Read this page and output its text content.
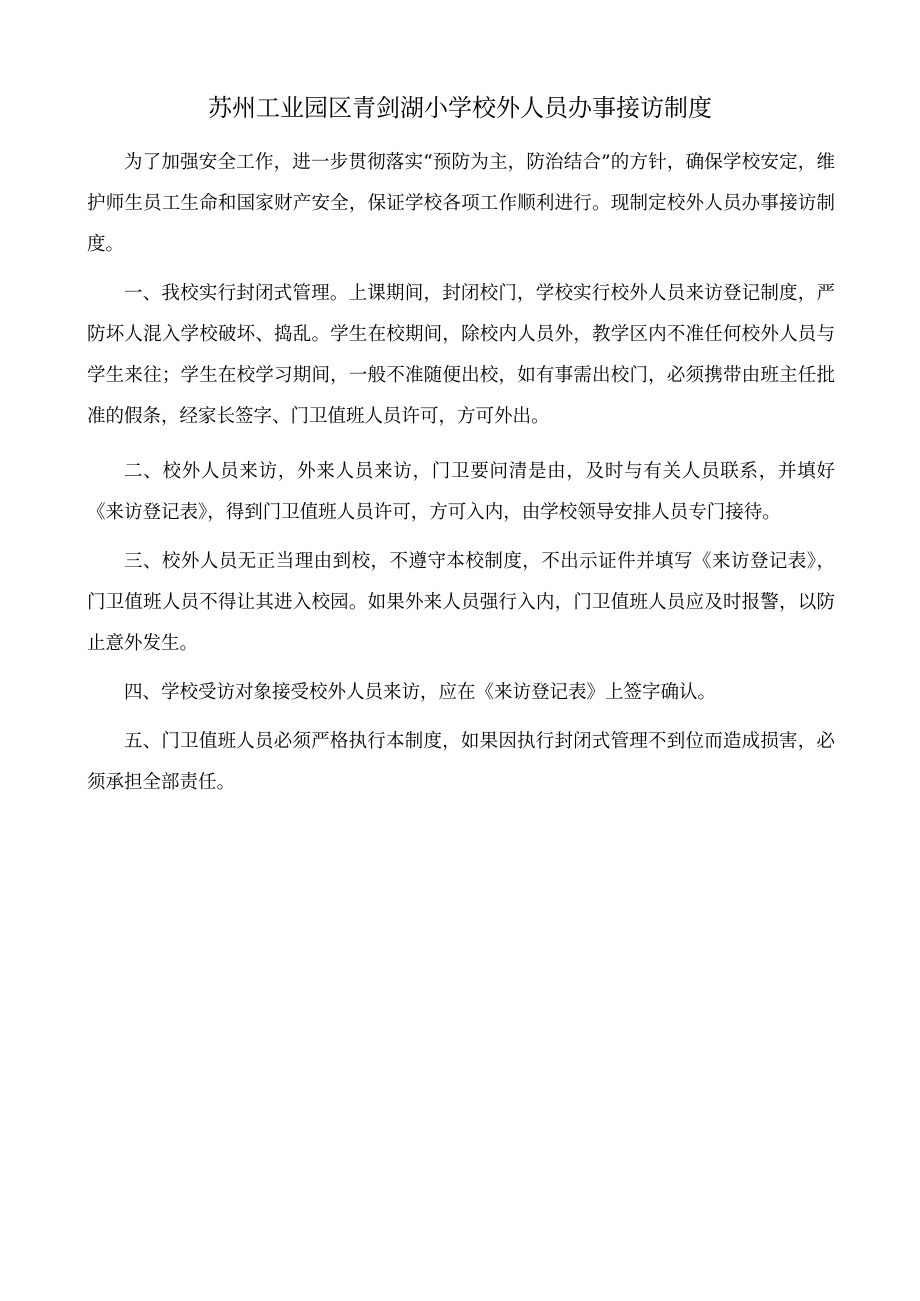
苏州工业园区青剑湖小学校外人员办事接访制度

为了加强安全工作，进一步贯彻落实“预防为主，防治结合”的方针，确保学校安定，维护师生员工生命和国家财产安全，保证学校各项工作顺利进行。现制定校外人员办事接访制度。

一、我校实行封闭式管理。上课期间，封闭校门，学校实行校外人员来访登记制度，严防坏人混入学校破坏、捣乱。学生在校期间，除校内人员外，教学区内不准任何校外人员与学生来往；学生在校学习期间，一般不准随便出校，如有事需出校门，必须携带由班主任批准的假条，经家长签字、门卫值班人员许可，方可外出。

二、校外人员来访，外来人员来访，门卫要问清是由，及时与有关人员联系，并填好《来访登记表》，得到门卫值班人员许可，方可入内，由学校领导安排人员专门接待。

三、校外人员无正当理由到校，不遵守本校制度，不出示证件并填写《来访登记表》，门卫值班人员不得让其进入校园。如果外来人员强行入内，门卫值班人员应及时报警，以防止意外发生。

四、学校受访对象接受校外人员来访，应在《来访登记表》上签字确认。

五、门卫值班人员必须严格执行本制度，如果因执行封闭式管理不到位而造成损害，必须承担全部责任。
